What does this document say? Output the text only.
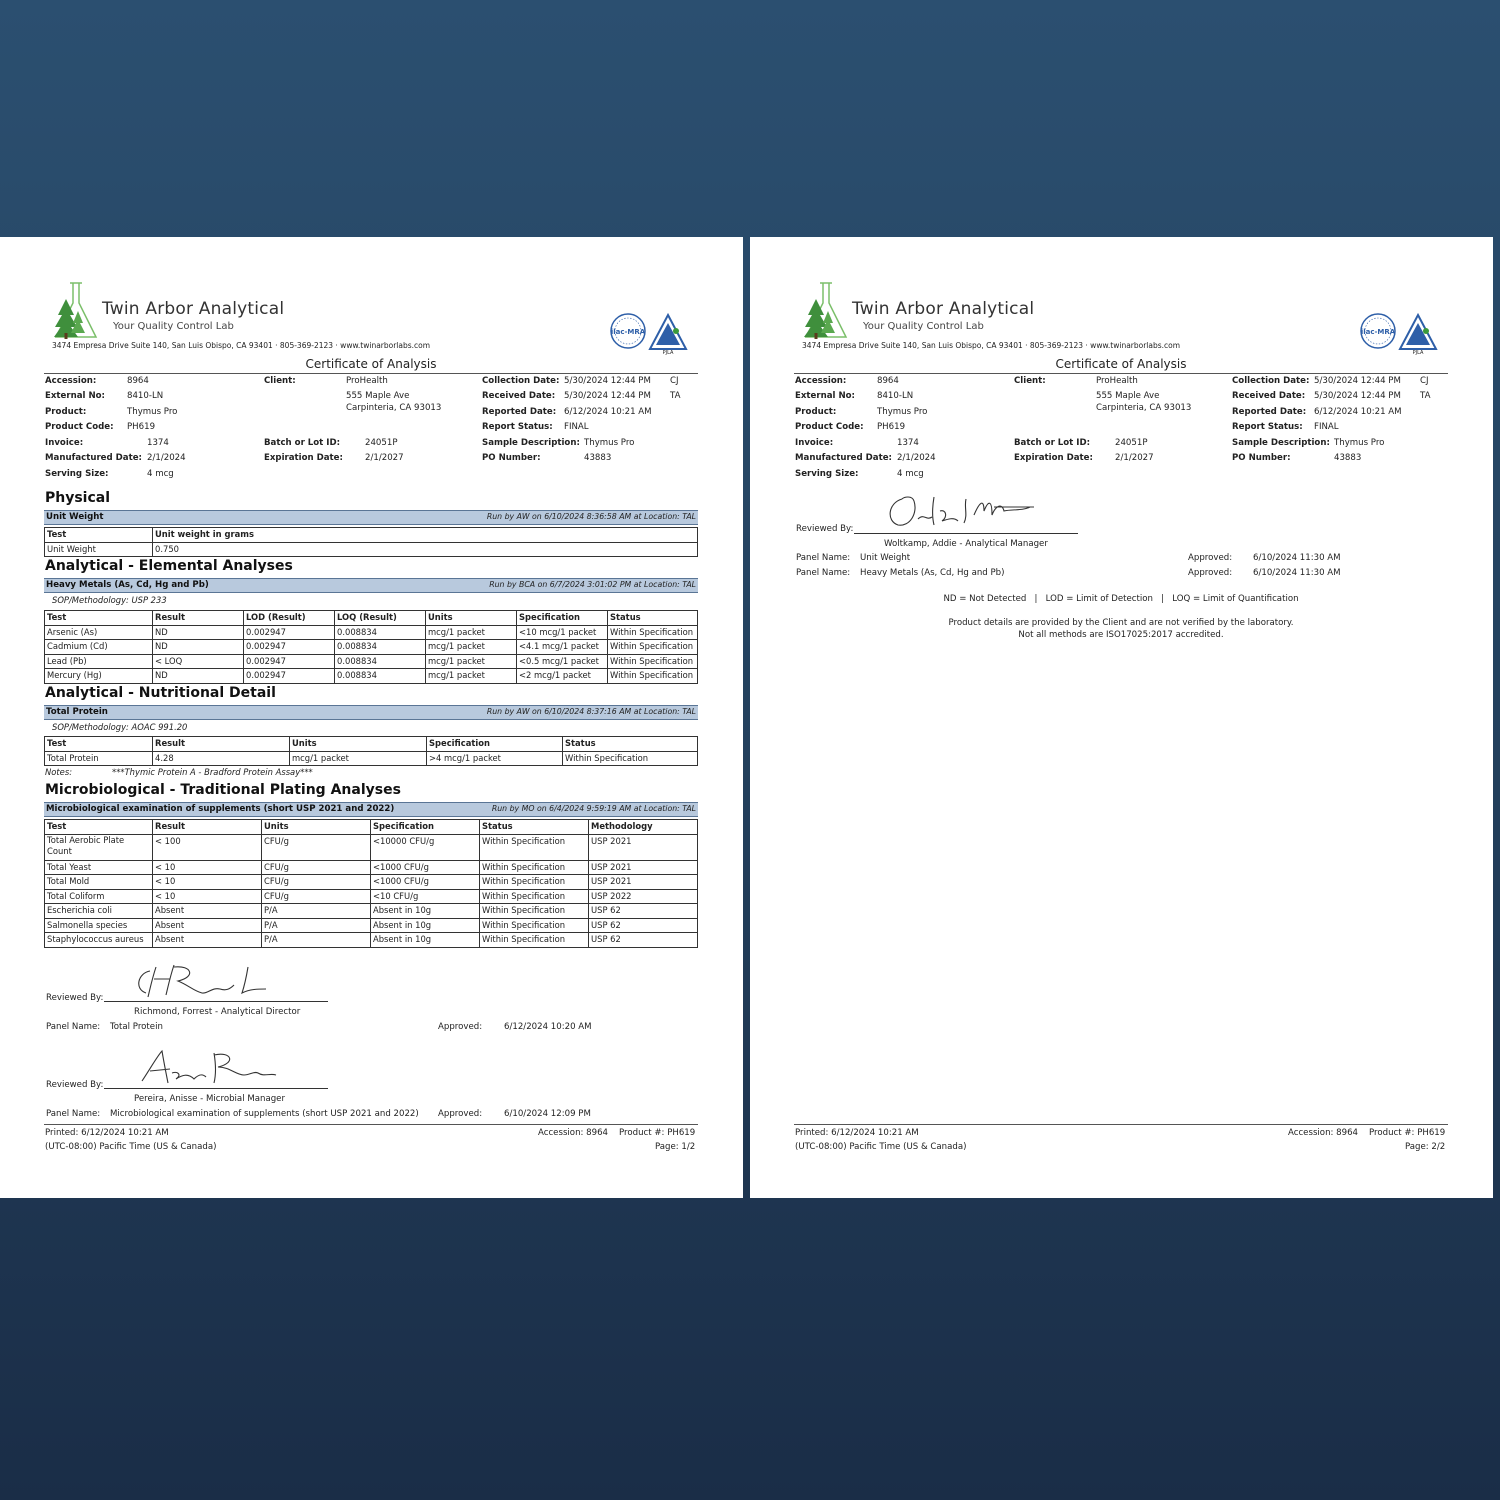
Twin Arbor Analytical
Your Quality Control Lab
3474 Empresa Drive Suite 140, San Luis Obispo, CA 93401 · 805-369-2123 · www.twinarborlabs.com
ilac-MRA
PJLA
Certificate of Analysis
Accession:	8964
External No:	8410-LN
Product:	Thymus Pro
Product Code: PH619
Invoice:	1374
Manufactured Date: 2/1/2024
Serving Size:	4 mcg
Client:	ProHealth
555 Maple Ave
Carpinteria, CA 93013
Batch or Lot ID:	24051P
Expiration Date:	2/1/2027
Collection Date: 5/30/2024 12:44 PM CJ
Received Date: 5/30/2024 12:44 PM TA
Reported Date: 6/12/2024 10:21 AM
Report Status: FINAL
Sample Description: Thymus Pro
PO Number:	43883
Physical
Unit Weight	Run by AW on 6/10/2024 8:36:58 AM at Location: TAL
Test	Unit weight in grams
Unit Weight	0.750
Analytical - Elemental Analyses
Heavy Metals (As, Cd, Hg and Pb)	Run by BCA on 6/7/2024 3:01:02 PM at Location: TAL
SOP/Methodology: USP 233
Test	Result	LOD (Result)	LOQ (Result)	Units	Specification	Status
Arsenic (As)	ND	0.002947	0.008834	mcg/1 packet	<10 mcg/1 packet	Within Specification
Cadmium (Cd)	ND	0.002947	0.008834	mcg/1 packet	<4.1 mcg/1 packet	Within Specification
Lead (Pb)	< LOQ	0.002947	0.008834	mcg/1 packet	<0.5 mcg/1 packet	Within Specification
Mercury (Hg)	ND	0.002947	0.008834	mcg/1 packet	<2 mcg/1 packet	Within Specification
Analytical - Nutritional Detail
Total Protein	Run by AW on 6/10/2024 8:37:16 AM at Location: TAL
SOP/Methodology: AOAC 991.20
Test	Result	Units	Specification	Status
Total Protein	4.28	mcg/1 packet	>4 mcg/1 packet	Within Specification
Notes:	***Thymic Protein A - Bradford Protein Assay***
Microbiological - Traditional Plating Analyses
Microbiological examination of supplements (short USP 2021 and 2022)	Run by MO on 6/4/2024 9:59:19 AM at Location: TAL
Test	Result	Units	Specification	Status	Methodology
Total Aerobic Plate Count	< 100	CFU/g	<10000 CFU/g	Within Specification	USP 2021
Total Yeast	< 10	CFU/g	<1000 CFU/g	Within Specification	USP 2021
Total Mold	< 10	CFU/g	<1000 CFU/g	Within Specification	USP 2021
Total Coliform	< 10	CFU/g	<10 CFU/g	Within Specification	USP 2022
Escherichia coli	Absent	P/A	Absent in 10g	Within Specification	USP 62
Salmonella species	Absent	P/A	Absent in 10g	Within Specification	USP 62
Staphylococcus aureus	Absent	P/A	Absent in 10g	Within Specification	USP 62
Reviewed By:
Richmond, Forrest - Analytical Director
Panel Name: Total Protein	Approved:	6/12/2024 10:20 AM
Reviewed By:
Pereira, Anisse - Microbial Manager
Panel Name: Microbiological examination of supplements (short USP 2021 and 2022) Approved:	6/10/2024 12:09 PM
Printed: 6/12/2024 10:21 AM
(UTC-08:00) Pacific Time (US & Canada)
Accession: 8964 Product #: PH619
Page: 1/2
Twin Arbor Analytical
Your Quality Control Lab
3474 Empresa Drive Suite 140, San Luis Obispo, CA 93401 · 805-369-2123 · www.twinarborlabs.com
ilac-MRA
PJLA
Certificate of Analysis
Accession:	8964
External No:	8410-LN
Product:	Thymus Pro
Product Code: PH619
Invoice:	1374
Manufactured Date: 2/1/2024
Serving Size:	4 mcg
Client:	ProHealth
555 Maple Ave
Carpinteria, CA 93013
Batch or Lot ID:	24051P
Expiration Date:	2/1/2027
Collection Date: 5/30/2024 12:44 PM CJ
Received Date: 5/30/2024 12:44 PM TA
Reported Date: 6/12/2024 10:21 AM
Report Status: FINAL
Sample Description: Thymus Pro
PO Number:	43883
Reviewed By:
Woltkamp, Addie - Analytical Manager
Panel Name: Unit Weight	Approved: 6/10/2024 11:30 AM
Panel Name: Heavy Metals (As, Cd, Hg and Pb)	Approved: 6/10/2024 11:30 AM
ND = Not Detected   |   LOD = Limit of Detection   |   LOQ = Limit of Quantification
Product details are provided by the Client and are not verified by the laboratory.
Not all methods are ISO17025:2017 accredited.
Printed: 6/12/2024 10:21 AM
(UTC-08:00) Pacific Time (US & Canada)
Accession: 8964 Product #: PH619
Page: 2/2
